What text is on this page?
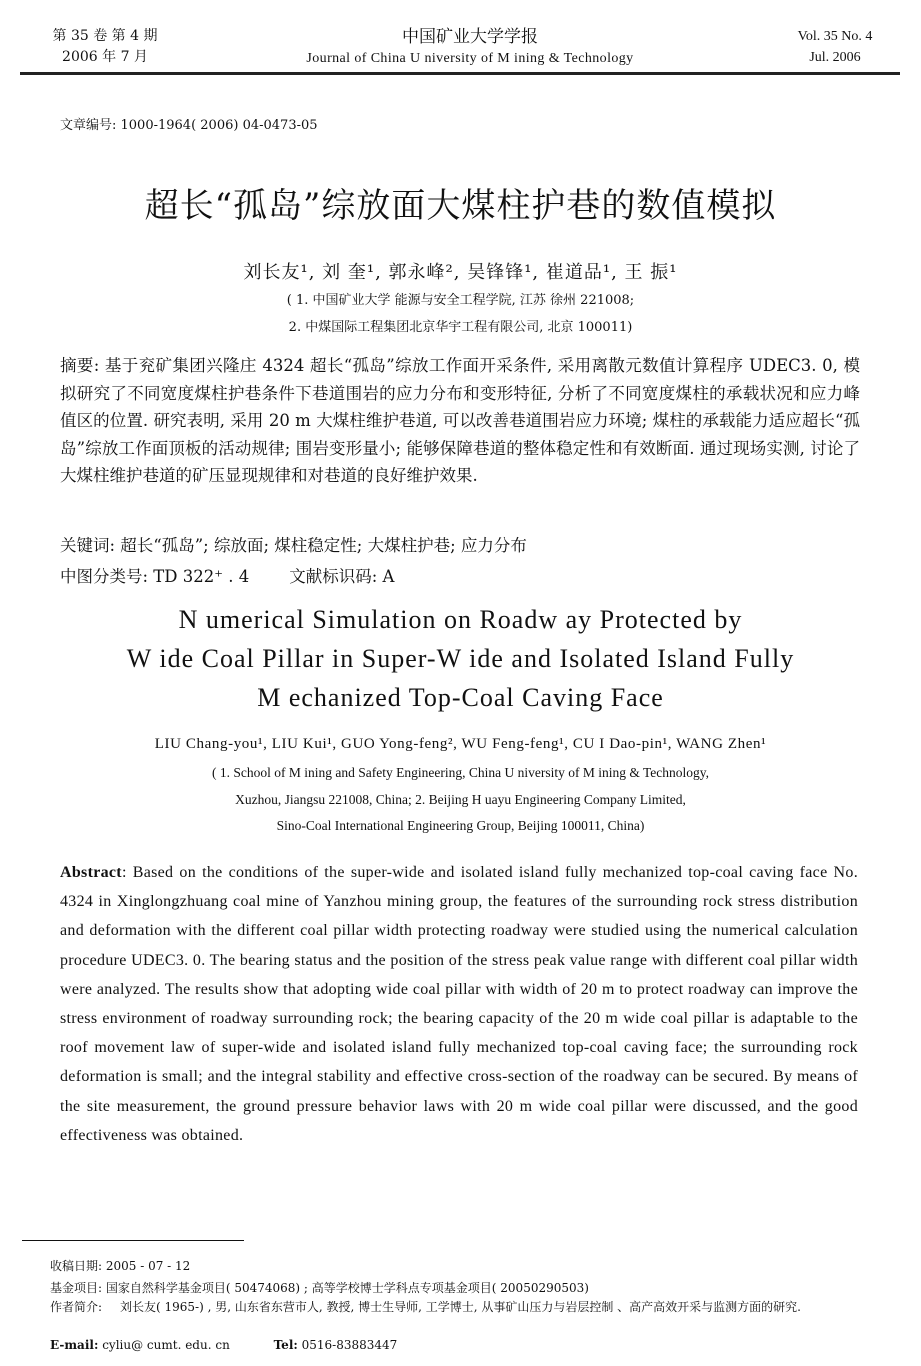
第 35 卷 第 4 期
2006 年 7 月
中国矿业大学学报
Journal of China U niversity of M ining & Technology
Vol. 35 No. 4
Jul. 2006
文章编号: 1000-1964( 2006) 04-0473-05
超长“孤岛”综放面大煤柱护巷的数值模拟
刘长友¹, 刘 奎¹, 郭永峰², 吴锋锋¹, 崔道品¹, 王 振¹
( 1. 中国矿业大学 能源与安全工程学院, 江苏 徐州 221008;
2. 中煤国际工程集团北京华宇工程有限公司, 北京 100011)
摘要: 基于兖矿集团兴隆庄 4324 超长“孤岛”综放工作面开采条件, 采用离散元数值计算程序 UDEC3. 0, 模拟研究了不同宽度煤柱护巷条件下巷道围岩的应力分布和变形特征, 分析了不同宽度煤柱的承载状况和应力峰值区的位置. 研究表明, 采用 20 m 大煤柱维护巷道, 可以改善巷道围岩应力环境; 煤柱的承载能力适应超长“孤岛”综放工作面顶板的活动规律; 围岩变形量小; 能够保障巷道的整体稳定性和有效断面. 通过现场实测, 讨论了大煤柱维护巷道的矿压显现规律和对巷道的良好维护效果.
关键词: 超长“孤岛”; 综放面; 煤柱稳定性; 大煤柱护巷; 应力分布
中图分类号: TD 322⁺ . 4 文献标识码: A
N umerical Simulation on Roadw ay Protected by
W ide Coal Pillar in Super-W ide and Isolated Island Fully
M echanized Top-Coal Caving Face
LIU Chang-you¹, LIU Kui¹, GUO Yong-feng², WU Feng-feng¹, CU I Dao-pin¹, WANG Zhen¹
( 1. School of M ining and Safety Engineering, China U niversity of M ining & Technology,
Xuzhou, Jiangsu 221008, China; 2. Beijing H uayu Engineering Company Limited,
Sino-Coal International Engineering Group, Beijing 100011, China)
Abstract: Based on the conditions of the super-wide and isolated island fully mechanized top-coal caving face No. 4324 in Xinglongzhuang coal mine of Yanzhou mining group, the features of the surrounding rock stress distribution and deformation with the different coal pillar width protecting roadway were studied using the numerical calculation procedure UDEC3. 0. The bearing status and the position of the stress peak value range with different coal pillar width were analyzed. The results show that adopting wide coal pillar with width of 20 m to protect roadway can improve the stress environment of roadway surrounding rock; the bearing capacity of the 20 m wide coal pillar is adaptable to the roof movement law of super-wide and isolated island fully mechanized top-coal caving face; the surrounding rock deformation is small; and the integral stability and effective cross-section of the roadway can be secured. By means of the site measurement, the ground pressure behavior laws with 20 m wide coal pillar were discussed, and the good effectiveness was obtained.
收稿日期: 2005 - 07 - 12
基金项目: 国家自然科学基金项目( 50474068) ; 高等学校博士学科点专项基金项目( 20050290503)
作者简介: 刘长友( 1965-) , 男, 山东省东营市人, 教授, 博士生导师, 工学博士, 从事矿山压力与岩层控制 、高产高效开采与监测方面的研究.
E-mail: cyliu@ cumt. edu. cn	Tel: 0516-83883447
